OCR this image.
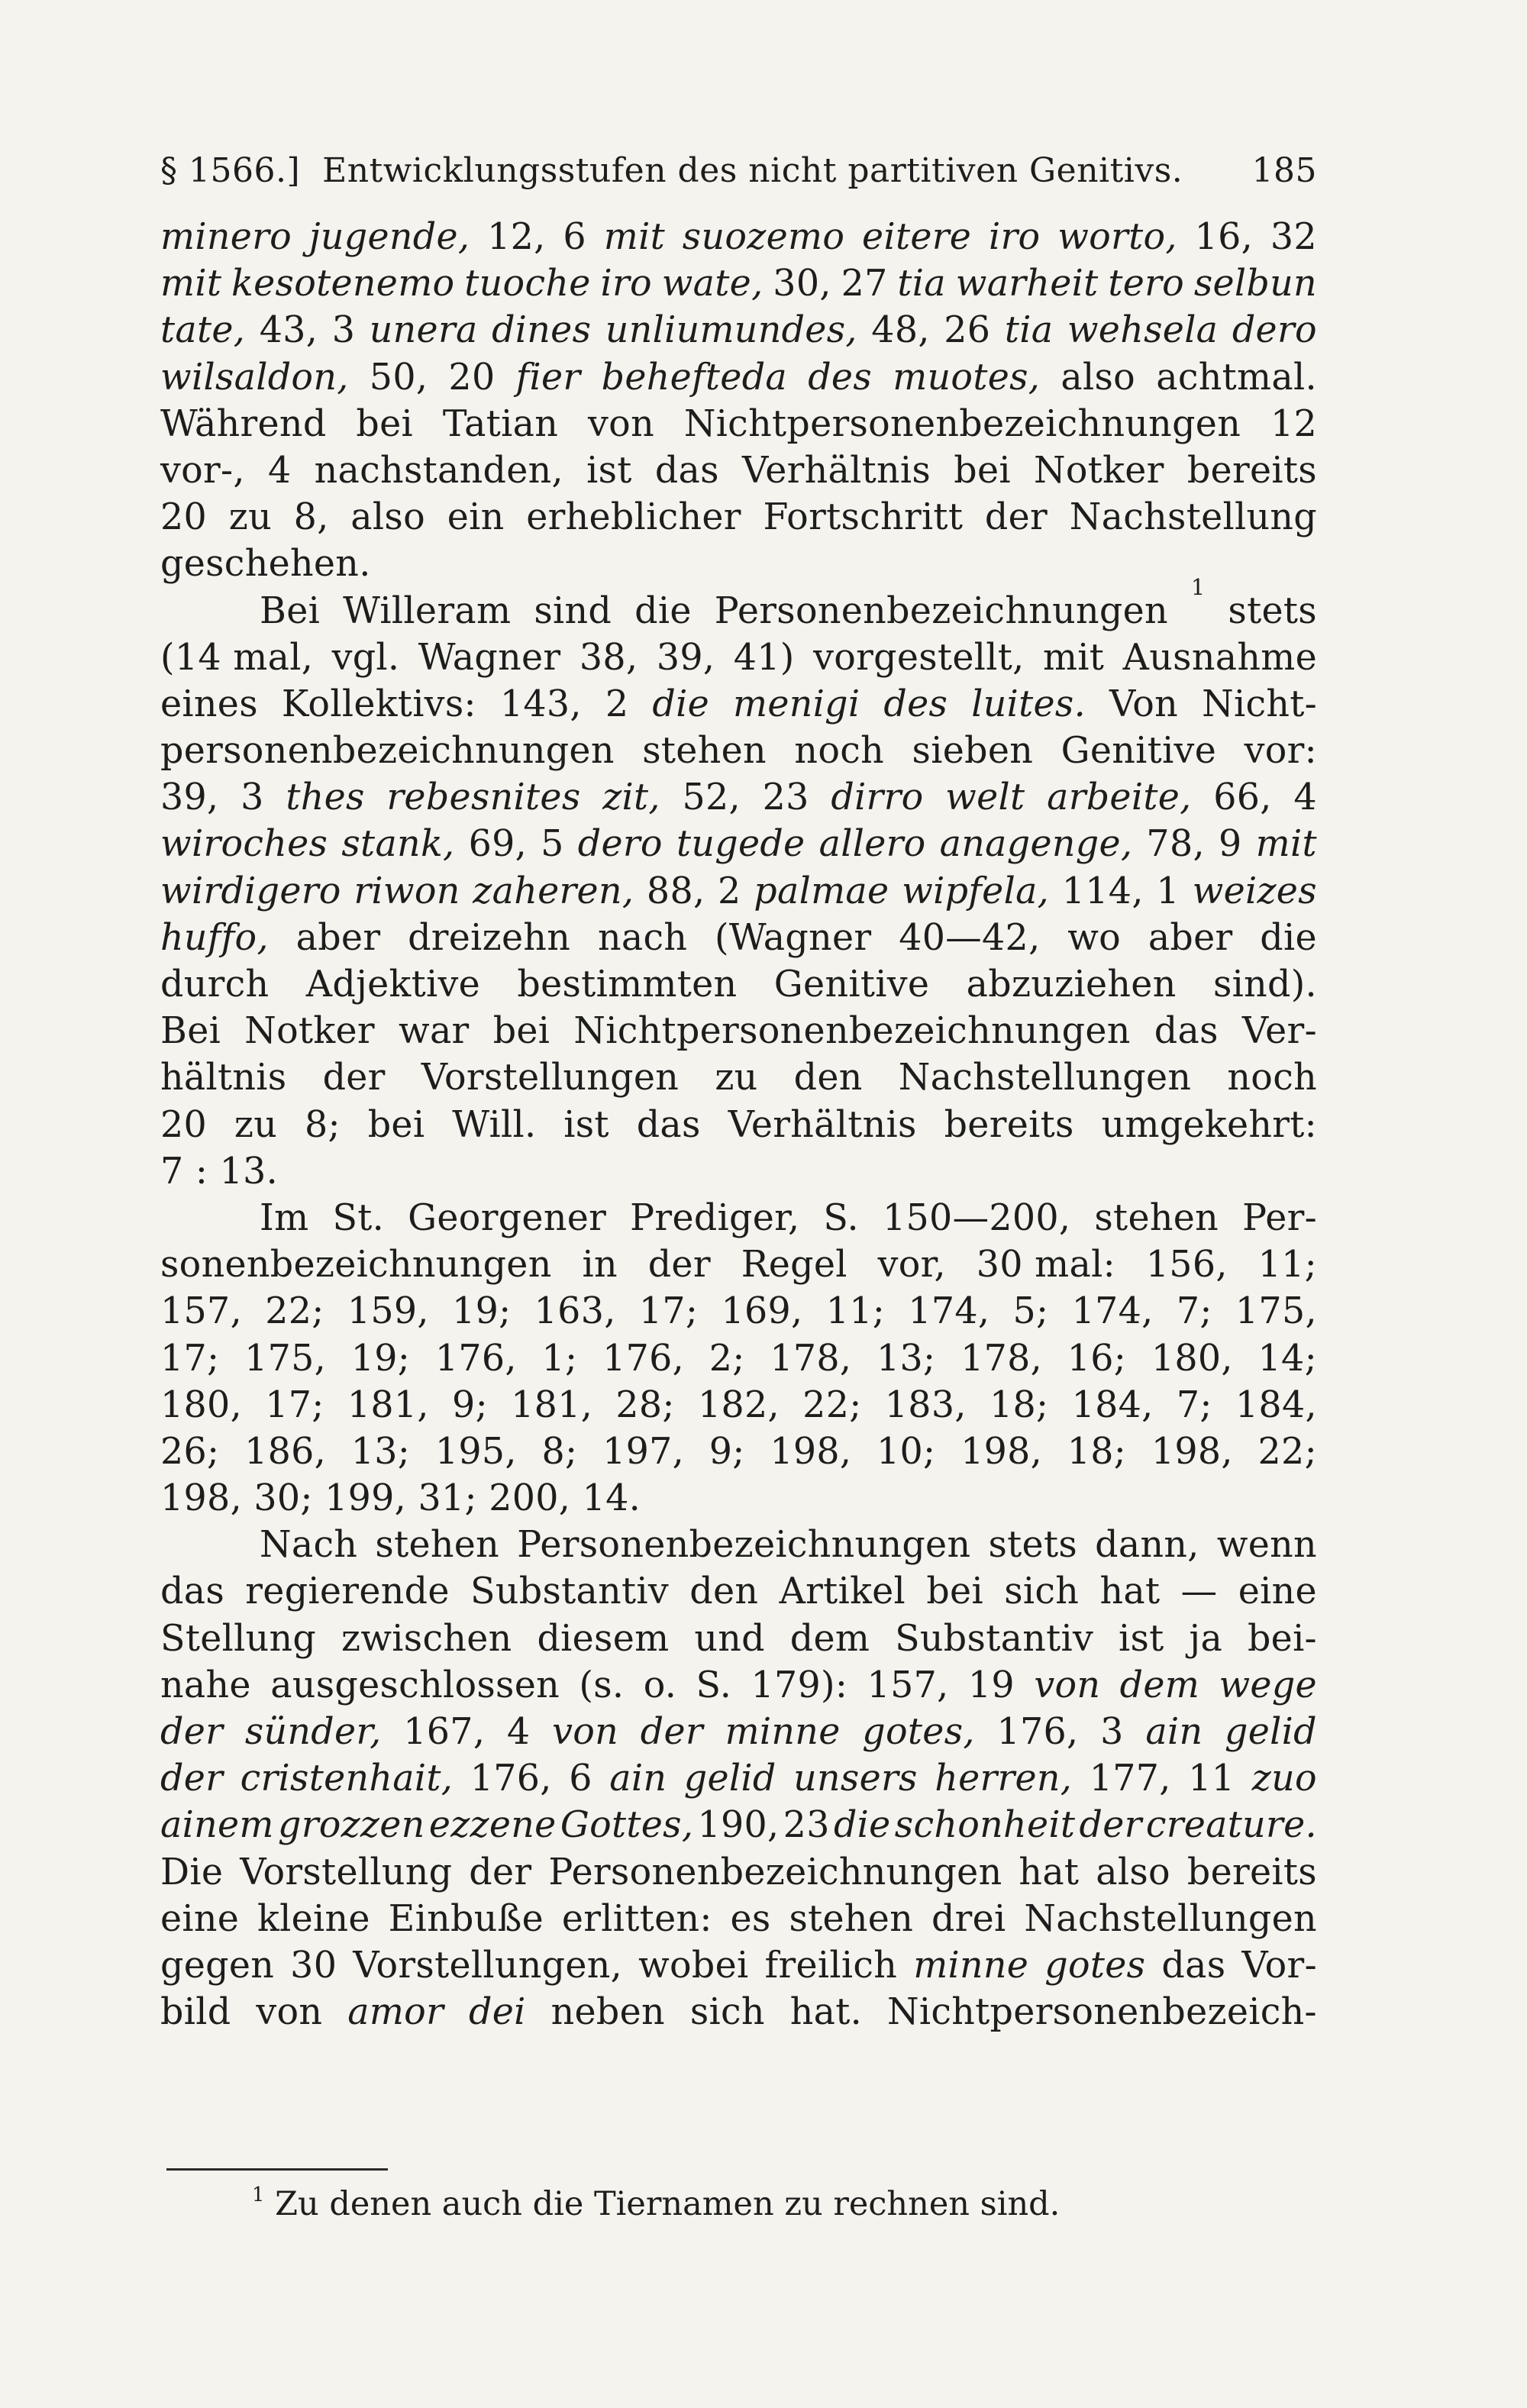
§ 1566.] Entwicklungsstufen des nicht partitiven Genitivs. 185
minero jugende, 12, 6 mit suozemo eitere iro worto, 16, 32
mit kesotenemo tuoche iro wate, 30, 27 tia warheit tero selbun
tate, 43, 3 unera dines unliumundes, 48, 26 tia wehsela dero
wilsaldon, 50, 20 fier behefteda des muotes, also achtmal.
Während bei Tatian von Nichtpersonenbezeichnungen 12
vor-, 4 nachstanden, ist das Verhältnis bei Notker bereits
20 zu 8, also ein erheblicher Fortschritt der Nachstellung
geschehen.
Bei Willeram sind die Personenbezeichnungen
1
stets
(14 mal, vgl. Wagner 38, 39, 41) vorgestellt, mit Ausnahme
eines Kollektivs: 143, 2 die menigi des luites. Von Nicht-
personenbezeichnungen stehen noch sieben Genitive vor:
39, 3 thes rebesnites zit, 52, 23 dirro welt arbeite, 66, 4
wiroches stank, 69, 5 dero tugede allero anagenge, 78, 9 mit
wirdigero riwon zaheren, 88, 2 palmae wipfela, 114, 1 weizes
huffo, aber dreizehn nach (Wagner 40—42, wo aber die
durch Adjektive bestimmten Genitive abzuziehen sind).
Bei Notker war bei Nichtpersonenbezeichnungen das Ver-
hältnis der Vorstellungen zu den Nachstellungen noch
20 zu 8; bei Will. ist das Verhältnis bereits umgekehrt:
7 : 13.
Im St. Georgener Prediger, S. 150—200, stehen Per-
sonenbezeichnungen in der Regel vor, 30 mal: 156, 11;
157, 22; 159, 19; 163, 17; 169, 11; 174, 5; 174, 7; 175,
17; 175, 19; 176, 1; 176, 2; 178, 13; 178, 16; 180, 14;
180, 17; 181, 9; 181, 28; 182, 22; 183, 18; 184, 7; 184,
26; 186, 13; 195, 8; 197, 9; 198, 10; 198, 18; 198, 22;
198, 30; 199, 31; 200, 14.
Nach stehen Personenbezeichnungen stets dann, wenn
das regierende Substantiv den Artikel bei sich hat — eine
Stellung zwischen diesem und dem Substantiv ist ja bei-
nahe ausgeschlossen (s. o. S. 179): 157, 19 von dem wege
der sünder, 167, 4 von der minne gotes, 176, 3 ain gelid
der cristenhait, 176, 6 ain gelid unsers herren, 177, 11 zuo
ainem grozzen ezzene Gottes, 190, 23 die schonheit der creature.
Die Vorstellung der Personenbezeichnungen hat also bereits
eine kleine Einbuße erlitten: es stehen drei Nachstellungen
gegen 30 Vorstellungen, wobei freilich minne gotes das Vor-
bild von amor dei neben sich hat. Nichtpersonenbezeich-
$^1$ Zu denen auch die Tiernamen zu rechnen sind.
